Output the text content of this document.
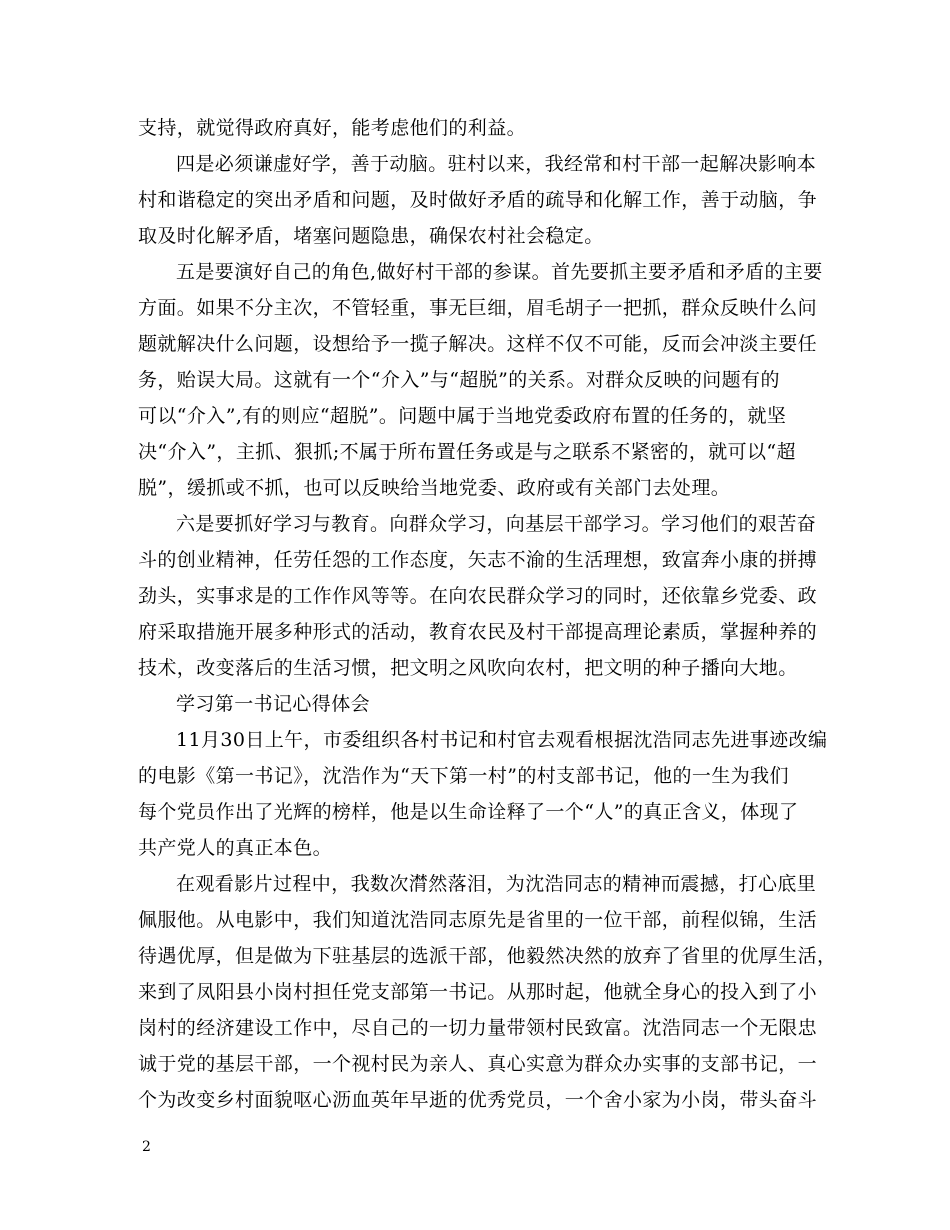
支持，就觉得政府真好，能考虑他们的利益。
四是必须谦虚好学，善于动脑。驻村以来，我经常和村干部一起解决影响本
村和谐稳定的突出矛盾和问题，及时做好矛盾的疏导和化解工作，善于动脑，争
取及时化解矛盾，堵塞问题隐患，确保农村社会稳定。
五是要演好自己的角色,做好村干部的参谋。首先要抓主要矛盾和矛盾的主要
方面。如果不分主次，不管轻重，事无巨细，眉毛胡子一把抓，群众反映什么问
题就解决什么问题，设想给予一揽子解决。这样不仅不可能，反而会冲淡主要任
务，贻误大局。这就有一个“介入”与“超脱”的关系。对群众反映的问题有的
可以“介入”,有的则应“超脱”。问题中属于当地党委政府布置的任务的，就坚
决“介入”，主抓、狠抓;不属于所布置任务或是与之联系不紧密的，就可以“超
脱”，缓抓或不抓，也可以反映给当地党委、政府或有关部门去处理。
六是要抓好学习与教育。向群众学习，向基层干部学习。学习他们的艰苦奋
斗的创业精神，任劳任怨的工作态度，矢志不渝的生活理想，致富奔小康的拼搏
劲头，实事求是的工作作风等等。在向农民群众学习的同时，还依靠乡党委、政
府采取措施开展多种形式的活动，教育农民及村干部提高理论素质，掌握种养的
技术，改变落后的生活习惯，把文明之风吹向农村，把文明的种子播向大地。
学习第一书记心得体会
11月30日上午，市委组织各村书记和村官去观看根据沈浩同志先进事迹改编
的电影《第一书记》，沈浩作为“天下第一村”的村支部书记，他的一生为我们
每个党员作出了光辉的榜样，他是以生命诠释了一个“人”的真正含义，体现了
共产党人的真正本色。
在观看影片过程中，我数次潸然落泪，为沈浩同志的精神而震撼，打心底里
佩服他。从电影中，我们知道沈浩同志原先是省里的一位干部，前程似锦，生活
待遇优厚，但是做为下驻基层的选派干部，他毅然决然的放弃了省里的优厚生活，
来到了凤阳县小岗村担任党支部第一书记。从那时起，他就全身心的投入到了小
岗村的经济建设工作中，尽自己的一切力量带领村民致富。沈浩同志一个无限忠
诚于党的基层干部，一个视村民为亲人、真心实意为群众办实事的支部书记，一
个为改变乡村面貌呕心沥血英年早逝的优秀党员，一个舍小家为小岗，带头奋斗
2
